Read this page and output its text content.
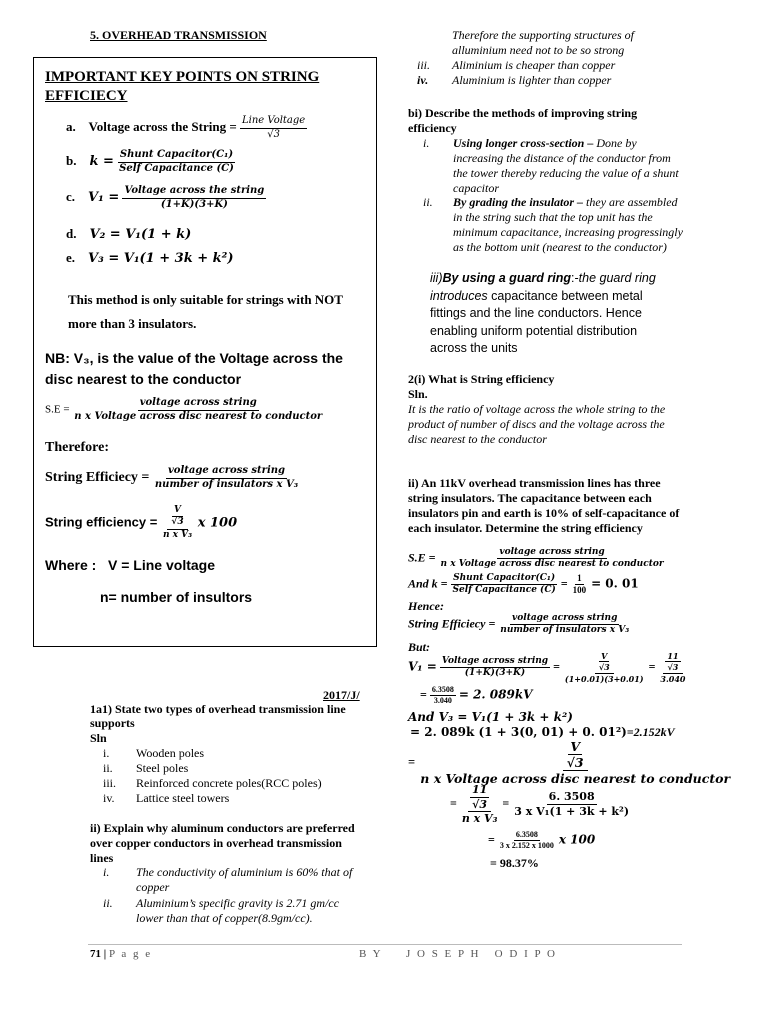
5. OVERHEAD TRANSMISSION
IMPORTANT KEY POINTS ON STRING EFFICIECY
a. Voltage across the String = $\frac{\text{Line Voltage}}{√3}$
b. $k = \frac{\text{Shunt Capacitor(C₁)}}{\text{Self Capacitance (C)}}$
c. $V_1 = \frac{\text{Voltage across the string}}{(1+K)(3+K)}$
d. V₂ = V₁(1 + k)
e. V₃ = V₁(1 + 3k + k²)
This method is only suitable for strings with NOT more than 3 insulators.
NB: V₃, is the value of the Voltage across the disc nearest to the conductor
$S.E = \frac{\text{voltage across string}}{\text{n x Voltage across disc nearest to conductor}}$
Therefore:
String Efficiecy = $\frac{\text{voltage across string}}{\text{number of insulators x V₃}}$
String efficiency = $\frac{\frac{V}{√3}}{\text{n x V₃}}$ x 100
Where : V = Line voltage
n= number of insultors
2017/J/
1a1) State two types of overhead transmission line supports
Sln
i. Wooden poles
ii. Steel poles
iii. Reinforced concrete poles(RCC poles)
iv. Lattice steel towers
ii) Explain why aluminum conductors are preferred over copper conductors in overhead transmission lines
i. The conductivity of aluminium is 60% that of copper
ii. Aluminium’s specific gravity is 2.71 gm/cc lower than that of copper(8.9gm/cc).
Therefore the supporting structures of alluminium need not to be so strong
iii. Aliminium is cheaper than copper
iv. Aluminium is lighter than copper
bi) Describe the methods of improving string efficiency
i. Using longer cross-section – Done by increasing the distance of the conductor from the tower thereby reducing the value of a shunt capacitor
ii. By grading the insulator – they are assembled in the string such that the top unit has the minimum capacitance, increasing progressingly as the bottom unit (nearest to the conductor)
iii)By using a guard ring:-the guard ring introduces capacitance between metal fittings and the line conductors. Hence enabling uniform potential distribution across the units
2(i) What is String efficiency
Sln.
It is the ratio of voltage across the whole string to the product of number of discs and the voltage across the disc nearest to the conductor
ii) An 11kV overhead transmission lines has three string insulators. The capacitance between each insulators pin and earth is 10% of self-capacitance of each insulator. Determine the string efficiency
$S.E = \frac{\text{voltage across string}}{\text{n x Voltage across disc nearest to conductor}}$
And $k = \frac{\text{Shunt Capacitor(C₁)}}{\text{Self Capacitance (C)}} = \frac{1}{100} = 0$. 01
Hence:
String Efficiecy = $\frac{\text{voltage across string}}{\text{number of insulators x V₃}}$
But:
$V_1 = \frac{\text{Voltage across string}}{(1+K)(3+K)} = \frac{\frac{V}{√3}}{(1+0.01)(3+0.01)} = \frac{\frac{11}{√3}}{3.040}$
= $\frac{6.3508}{3.040} = 2$. 089kV
And V₃ = V₁(1 + 3k + k²)
= 2. 089k (1 + 3(0, 01) + 0. 01²)=2.152kV
= $\frac{\frac{V}{√3}}{\text{n x Voltage across disc nearest to conductor}}$
= $\frac{\frac{11}{√3}}{\text{n x V₃}} = \frac{6. 3508}{\text{3 x V₁(1 + 3k + k²)}}$
= $\frac{6.3508}{3 x 2.152 x 1000}$ x 100
= 98.37%
71 | P a g e	B Y     J O S E P H   O D I P O
